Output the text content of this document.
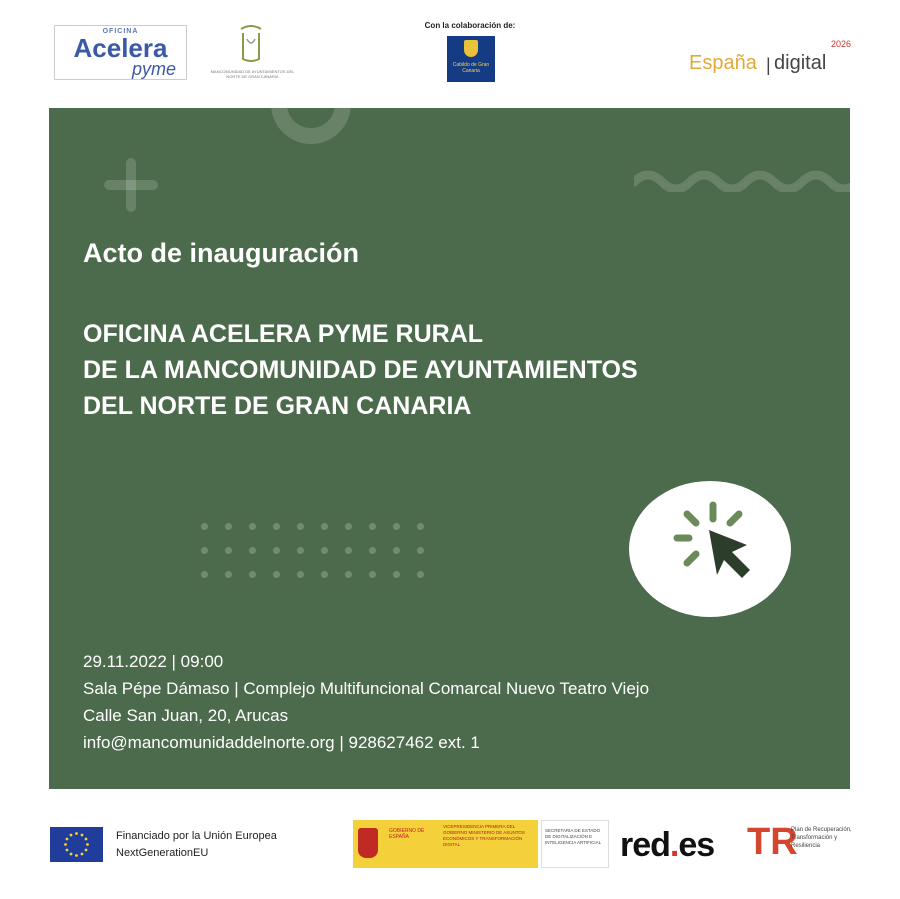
OFICINA
Acelera
pyme	MANCOMUNIDAD DE AYUNTAMIENTOS DEL NORTE DE GRAN CANARIA
Con la colaboración de:
Cabildo de Gran Canaria	España | digital
2026
Acto de inauguración
OFICINA ACELERA PYME RURAL
DE LA MANCOMUNIDAD DE AYUNTAMIENTOS
DEL NORTE DE GRAN CANARIA
29.11.2022 | 09:00
Sala Pépe Dámaso | Complejo Multifuncional Comarcal Nuevo Teatro Viejo
Calle San Juan, 20, Arucas
info@mancomunidaddelnorte.org | 928627462 ext. 1
Financiado por la Unión Europea
NextGenerationEU
GOBIERNO DE ESPAÑA
VICEPRESIDENCIA PRIMERA DEL GOBIERNO MINISTERIO DE ASUNTOS ECONÓMICOS Y TRANSFORMACIÓN DIGITAL
SECRETARÍA DE ESTADO DE DIGITALIZACIÓN E INTELIGENCIA ARTIFICIAL red.es TR
Plan de Recuperación, Transformación y Resiliencia
